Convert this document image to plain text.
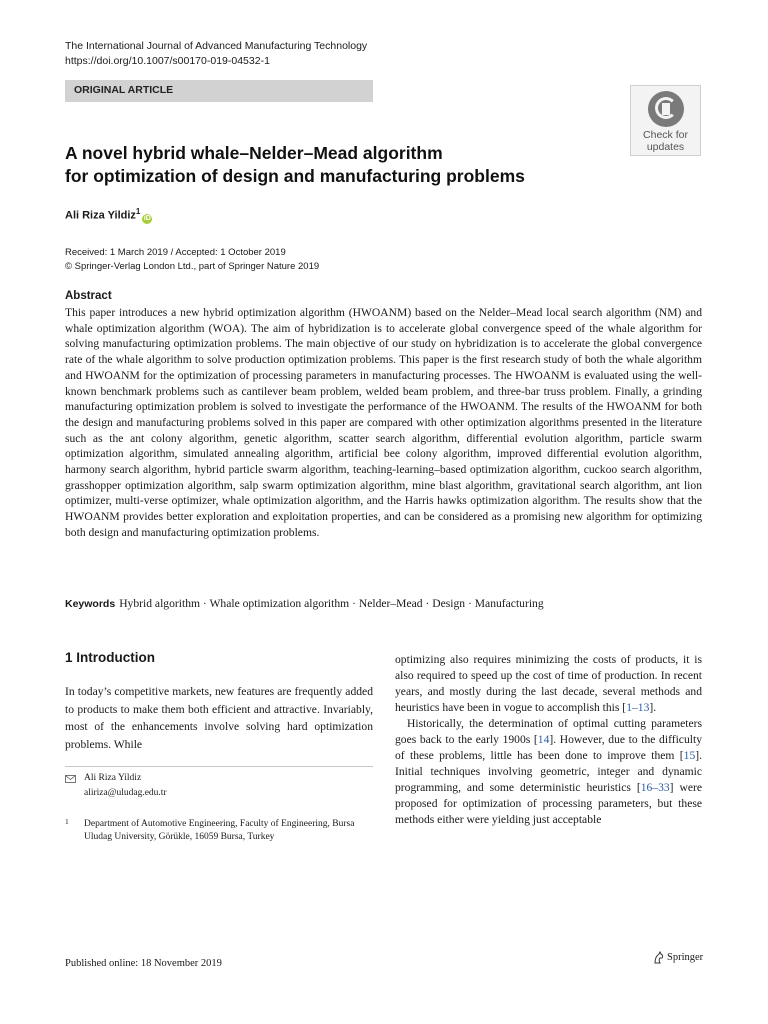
The International Journal of Advanced Manufacturing Technology
https://doi.org/10.1007/s00170-019-04532-1
ORIGINAL ARTICLE
Check for
updates
A novel hybrid whale–Nelder–Mead algorithm
for optimization of design and manufacturing problems
Ali Riza Yildiz$^1$iD
Received: 1 March 2019 / Accepted: 1 October 2019
© Springer-Verlag London Ltd., part of Springer Nature 2019
Abstract
This paper introduces a new hybrid optimization algorithm (HWOANM) based on the Nelder–Mead local search algorithm (NM) and whale optimization algorithm (WOA). The aim of hybridization is to accelerate global convergence speed of the whale algorithm for solving manufacturing optimization problems. The main objective of our study on hybridization is to accelerate the global convergence rate of the whale algorithm to solve production optimization problems. This paper is the first research study of both the whale algorithm and HWOANM for the optimization of processing parameters in manufacturing processes. The HWOANM is evaluated using the well-known benchmark problems such as cantilever beam problem, welded beam problem, and three-bar truss problem. Finally, a grinding manufacturing optimization problem is solved to investigate the performance of the HWOANM. The results of the HWOANM for both the design and manufacturing problems solved in this paper are compared with other optimization algorithms presented in the literature such as the ant colony algorithm, genetic algorithm, scatter search algorithm, differential evolution algorithm, particle swarm optimization algorithm, simulated annealing algorithm, artificial bee colony algorithm, improved differential evolution algorithm, harmony search algorithm, hybrid particle swarm algorithm, teaching-learning–based optimization algorithm, cuckoo search algorithm, grasshopper optimization algorithm, salp swarm optimization algorithm, mine blast algorithm, gravitational search algorithm, ant lion optimizer, multi-verse optimizer, whale optimization algorithm, and the Harris hawks optimization algorithm. The results show that the HWOANM provides better exploration and exploitation properties, and can be considered as a promising new algorithm for optimizing both design and manufacturing optimization problems.
Keywords Hybrid algorithm · Whale optimization algorithm · Nelder–Mead · Design · Manufacturing
1 Introduction
In today’s competitive markets, new features are frequently added to products to make them both efficient and attractive. Invariably, most of the enhancements involve solving hard optimization problems. While

optimizing also requires minimizing the costs of products, it is also required to speed up the cost of time of production. In recent years, and mostly during the last decade, several methods and heuristics have been in vogue to accomplish this [1–13].

Historically, the determination of optimal cutting parameters goes back to the early 1900s [14]. However, due to the difficulty of these problems, little has been done to improve them [15]. Initial techniques involving geometric, integer and dynamic programming, and some deterministic heuristics [16–33] were proposed for optimization of processing parameters, but these methods either were yielding just acceptable

Ali Riza Yildiz
aliriza@uludag.edu.tr
1 Department of Automotive Engineering, Faculty of Engineering, Bursa Uludag University, Görükle, 16059 Bursa, Turkey
Published online: 18 November 2019
Springer
